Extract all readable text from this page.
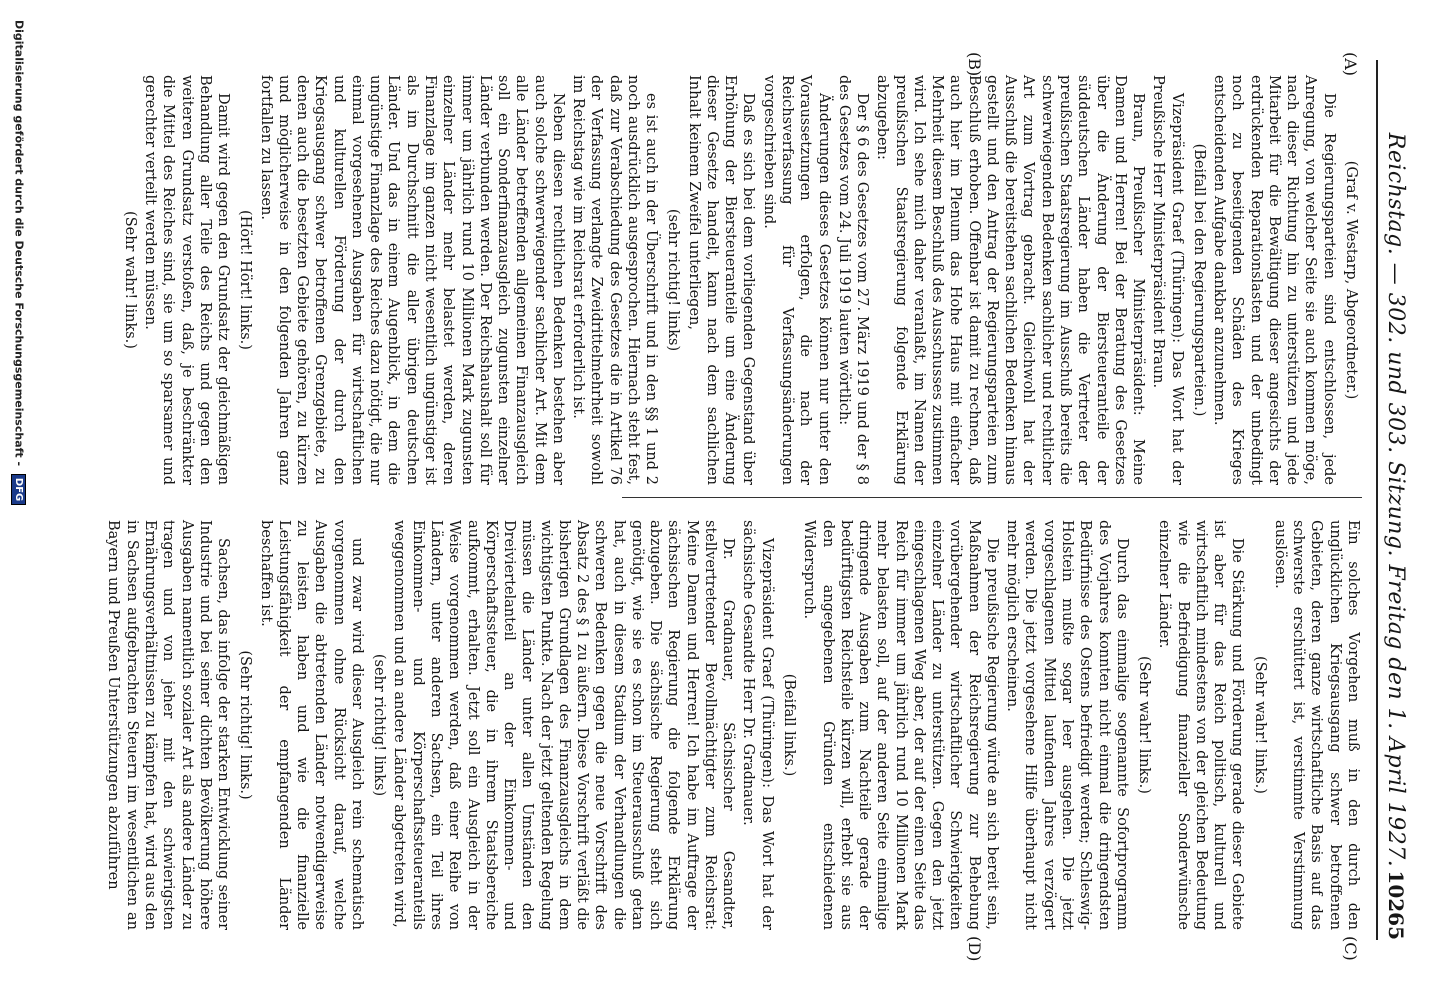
Reichstag. — 302. und 303. Sitzung. Freitag den 1. April 1927.
10265
(A)
(B)
(C)
(D)

(Graf v. Westarp, Abgeordneter.)

Die Regierungsparteien sind entschlossen, jede Anregung, von welcher Seite sie auch kommen möge, nach dieser Richtung hin zu unterstützen und jede Mitarbeit für die Bewältigung dieser angesichts der erdrückenden Reparationslasten und der unbedingt noch zu beseitigenden Schäden des Krieges entscheidenden Aufgabe dankbar anzunehmen.

(Beifall bei den Regierungsparteien.)

Vizepräsident Graef (Thüringen): Das Wort hat der Preußische Herr Ministerpräsident Braun.

Braun, Preußischer Ministerpräsident: Meine Damen und Herren! Bei der Beratung des Gesetzes über die Änderung der Biersteueranteile der süddeutschen Länder haben die Vertreter der preußischen Staatsregierung im Ausschuß bereits die schwerwiegenden Bedenken sachlicher und rechtlicher Art zum Vortrag gebracht. Gleichwohl hat der Ausschuß die bereitstehen sachlichen Bedenken hinaus gestellt und den Antrag der Regierungsparteien zum Beschluß erhoben. Offenbar ist damit zu rechnen, daß auch hier im Plenum das Hohe Haus mit einfacher Mehrheit diesem Beschluß des Ausschusses zustimmen wird. Ich sehe mich daher veranlaßt, im Namen der preußischen Staatsregierung folgende Erklärung abzugeben:

Der § 6 des Gesetzes vom 27. März 1919 und der § 8 des Gesetzes vom 24. Juli 1919 lauten wörtlich:

Änderungen dieses Gesetzes können nur unter den Voraussetzungen erfolgen, die nach der Reichsverfassung für Verfassungsänderungen vorgeschrieben sind.

Daß es sich bei dem vorliegenden Gegenstand über Erhöhung der Biersteueranteile um eine Änderung dieser Gesetze handelt, kann nach dem sachlichen Inhalt keinem Zweifel unterliegen,

(sehr richtig! links)

es ist auch in der Überschrift und in den §§ 1 und 2 noch ausdrücklich ausgesprochen. Hiernach steht fest, daß zur Verabschiedung des Gesetzes die in Artikel 76 der Verfassung verlangte Zweidrittelmehrheit sowohl im Reichstag wie im Reichsrat erforderlich ist.

Neben diesen rechtlichen Bedenken bestehen aber auch solche schwerwiegender sachlicher Art. Mit dem alle Länder betreffenden allgemeinen Finanzausgleich soll ein Sonderfinanzausgleich zugunsten einzelner Länder verbunden werden. Der Reichshaushalt soll für immer um jährlich rund 10 Millionen Mark zugunsten einzelner Länder mehr belastet werden, deren Finanzlage im ganzen nicht wesentlich ungünstiger ist als im Durchschnitt die aller übrigen deutschen Länder. Und das in einem Augenblick, in dem die ungünstige Finanzlage des Reiches dazu nötigt, die nur einmal vorgesehenen Ausgaben für wirtschaftlichen und kulturellen Förderung der durch den Kriegsausgang schwer betroffenen Grenzgebiete, zu denen auch die besetzten Gebiete gehören, zu kürzen und möglicherweise in den folgenden Jahren ganz fortfallen zu lassen.

(Hört! Hört! links.)

Damit wird gegen den Grundsatz der gleichmäßigen Behandlung aller Teile des Reichs und gegen den weiteren Grundsatz verstoßen, daß, je beschränkter die Mittel des Reiches sind, sie um so sparsamer und gerechter verteilt werden müssen.

(Sehr wahr! links.)

Ein solches Vorgehen muß in den durch den unglücklichen Kriegsausgang schwer betroffenen Gebieten, deren ganze wirtschaftliche Basis auf das schwerste erschüttert ist, verstimmte Verstimmung auslösen.

(Sehr wahr! links.)

Die Stärkung und Förderung gerade dieser Gebiete ist aber für das Reich politisch, kulturell und wirtschaftlich mindestens von der gleichen Bedeutung wie die Befriedigung finanzieller Sonderwünsche einzelner Länder.

(Sehr wahr! links.)

Durch das einmalige sogenannte Sofortprogramm des Vorjahres konnten nicht einmal die dringendsten Bedürfnisse des Ostens befriedigt werden; Schleswig-Holstein mußte sogar leer ausgehen. Die jetzt vorgeschlagenen Mittel laufenden Jahres verzögert werden. Die jetzt vorgesehene Hilfe überhaupt nicht mehr möglich erscheinen.

Die preußische Regierung würde an sich bereit sein, Maßnahmen der Reichsregierung zur Behebung vorübergehender wirtschaftlicher Schwierigkeiten einzelner Länder zu unterstützen. Gegen den jetzt eingeschlagenen Weg aber, der auf der einen Seite das Reich für immer um jährlich rund 10 Millionen Mark mehr belasten soll, auf der anderen Seite einmalige dringende Ausgaben zum Nachteile gerade der bedürftigsten Reichsteile kürzen will, erhebt sie aus den angegebenen Gründen entschiedenen Widerspruch.

(Beifall links.)

Vizepräsident Graef (Thüringen): Das Wort hat der sächsische Gesandte Herr Dr. Gradnauer.

Dr. Gradnauer, Sächsischer Gesandter, stellvertretender Bevollmächtigter zum Reichsrat: Meine Damen und Herren! Ich habe im Auftrage der sächsischen Regierung die folgende Erklärung abzugeben. Die sächsische Regierung steht sich genötigt, wie sie es schon im Steuerausschuß getan hat, auch in diesem Stadium der Verhandlungen die schweren Bedenken gegen die neue Vorschrift des Absatz 2 des § 1 zu äußern. Diese Vorschrift verläßt die bisherigen Grundlagen des Finanzausgleichs in dem wichtigsten Punkte. Nach der jetzt geltenden Regelung müssen die Länder unter allen Umständen den Dreiviertelanteil an der Einkommen- und Körperschaftssteuer, die in ihrem Staatsbereiche aufkommt, erhalten. Jetzt soll ein Ausgleich in der Weise vorgenommen werden, daß einer Reihe von Ländern, unter anderen Sachsen, ein Teil ihres Einkommen- und Körperschaftssteueranteils weggenommen und an andere Länder abgetreten wird,

(sehr richtig! links)

und zwar wird dieser Ausgleich rein schematisch vorgenommen ohne Rücksicht darauf, welche Ausgaben die abtretenden Länder notwendigerweise zu leisten haben und wie die finanzielle Leistungsfähigkeit der empfangenden Länder beschaffen ist.

(Sehr richtig! links.)

Sachsen, das infolge der starken Entwicklung seiner Industrie und bei seiner dichten Bevölkerung höhere Ausgaben namentlich sozialer Art als andere Länder zu tragen und von jeher mit den schwierigsten Ernährungsverhältnissen zu kämpfen hat, wird aus den in Sachsen aufgebrachten Steuern im wesentlichen an Bayern und Preußen Unterstützungen abzuführen

Digitalisierung gefördert durch die Deutsche Forschungsgemeinschaft - DFG
